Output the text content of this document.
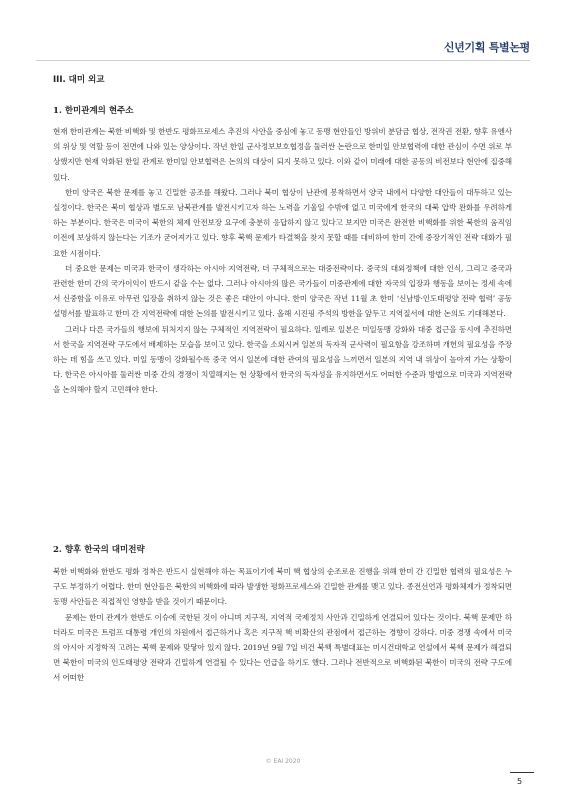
신년기획 특별논평
III. 대미 외교
1. 한미관계의 현주소

현재 한미관계는 북한 비핵화 및 한반도 평화프로세스 추진의 사안을 중심에 놓고 동맹 현안들인 방위비 분담금 협상, 전작권 전환, 향후 유엔사의 위상 및 역할 등이 전면에 나와 있는 양상이다. 작년 한일 군사정보보호협정을 둘러싼 논란으로 한미일 안보협력에 대한 관심이 수면 위로 부상했지만 현재 악화된 한일 관계로 한미일 안보협력은 논의의 대상이 되지 못하고 있다. 이와 같이 미래에 대한 공동의 비전보다 현안에 집중해 있다.

한미 양국은 북한 문제를 놓고 긴밀한 공조를 해왔다. 그러나 북미 협상이 난관에 봉착하면서 양국 내에서 다양한 대안들이 대두하고 있는 실정이다. 한국은 북미 협상과 별도로 남북관계를 발전시키고자 하는 노력을 기울일 수밖에 없고 미국에게 한국의 대북 압박 완화를 우려하게 하는 부분이다. 한국은 미국이 북한의 체제 안전보장 요구에 충분히 응답하지 않고 있다고 보지만 미국은 완전한 비핵화를 위한 북한의 움직임 이전에 보상하지 않는다는 기조가 굳어져가고 있다. 향후 북핵 문제가 타결책을 찾지 못할 때를 대비하여 한미 간에 중장기적인 전략 대화가 필요한 시점이다.

더 중요한 문제는 미국과 한국이 생각하는 아시아 지역전략, 더 구체적으로는 대중전략이다. 중국의 대외정책에 대한 인식, 그리고 중국과 관련한 한미 간의 국가이익이 반드시 같을 수는 없다. 그러나 아시아의 많은 국가들이 미중관계에 대한 자국의 입장과 행동을 보이는 정세 속에서 신중함을 이유로 아무런 입장을 취하지 않는 것은 좋은 대안이 아니다. 한미 양국은 작년 11월 초 한미 ‘신남방·인도태평양 전략 협력’ 공동 설명서를 발표하고 한미 간 지역전략에 대한 논의를 발전시키고 있다. 올해 시진핑 주석의 방한을 앞두고 지역질서에 대한 논의도 기대해본다.

그러나 다른 국가들의 행보에 뒤처지지 않는 구체적인 지역전략이 필요하다. 일례로 일본은 미일동맹 강화와 대중 접근을 동시에 추진하면서 한국을 지역전략 구도에서 배제하는 모습을 보이고 있다. 한국을 소외시켜 일본의 독자적 군사력이 필요함을 강조하며 개헌의 필요성을 주장하는 데 힘을 쓰고 있다. 미일 동맹이 강화될수록 중국 역시 일본에 대한 관여의 필요성을 느끼면서 일본의 지역 내 위상이 높아져 가는 상황이다. 한국은 아시아를 둘러싼 미중 간의 경쟁이 치열해지는 현 상황에서 한국의 독자성을 유지하면서도 어떠한 수준과 방법으로 미국과 지역전략을 논의해야 할지 고민해야 한다.

2. 향후 한국의 대미전략

북한 비핵화와 한반도 평화 정착은 반드시 실현해야 하는 목표이기에 북미 핵 협상의 순조로운 진행을 위해 한미 간 긴밀한 협력의 필요성은 누구도 부정하기 어렵다. 한미 현안들은 북한의 비핵화에 따라 발생한 평화프로세스와 긴밀한 관계를 맺고 있다. 종전선언과 평화체제가 정착되면 동맹 사안들은 직접적인 영향을 받을 것이기 때문이다.

문제는 한미 관계가 한반도 이슈에 국한된 것이 아니며 지구적, 지역적 국제정치 사안과 긴밀하게 연결되어 있다는 것이다. 북핵 문제만 하더라도 미국은 트럼프 대통령 개인의 차원에서 접근하거나 혹은 지구적 핵 비확산의 관점에서 접근하는 경향이 강하다. 미중 경쟁 속에서 미국의 아시아 지정학적 고려는 북핵 문제와 맞닿아 있지 않다. 2019년 9월 7일 비건 북핵 특별대표는 미시건대학교 연설에서 북핵 문제가 해결되면 북한이 미국의 인도태평양 전략과 긴밀하게 연결될 수 있다는 언급을 하기도 했다. 그러나 전반적으로 비핵화된 북한이 미국의 전략 구도에서 어떠한

© EAI 2020
5
